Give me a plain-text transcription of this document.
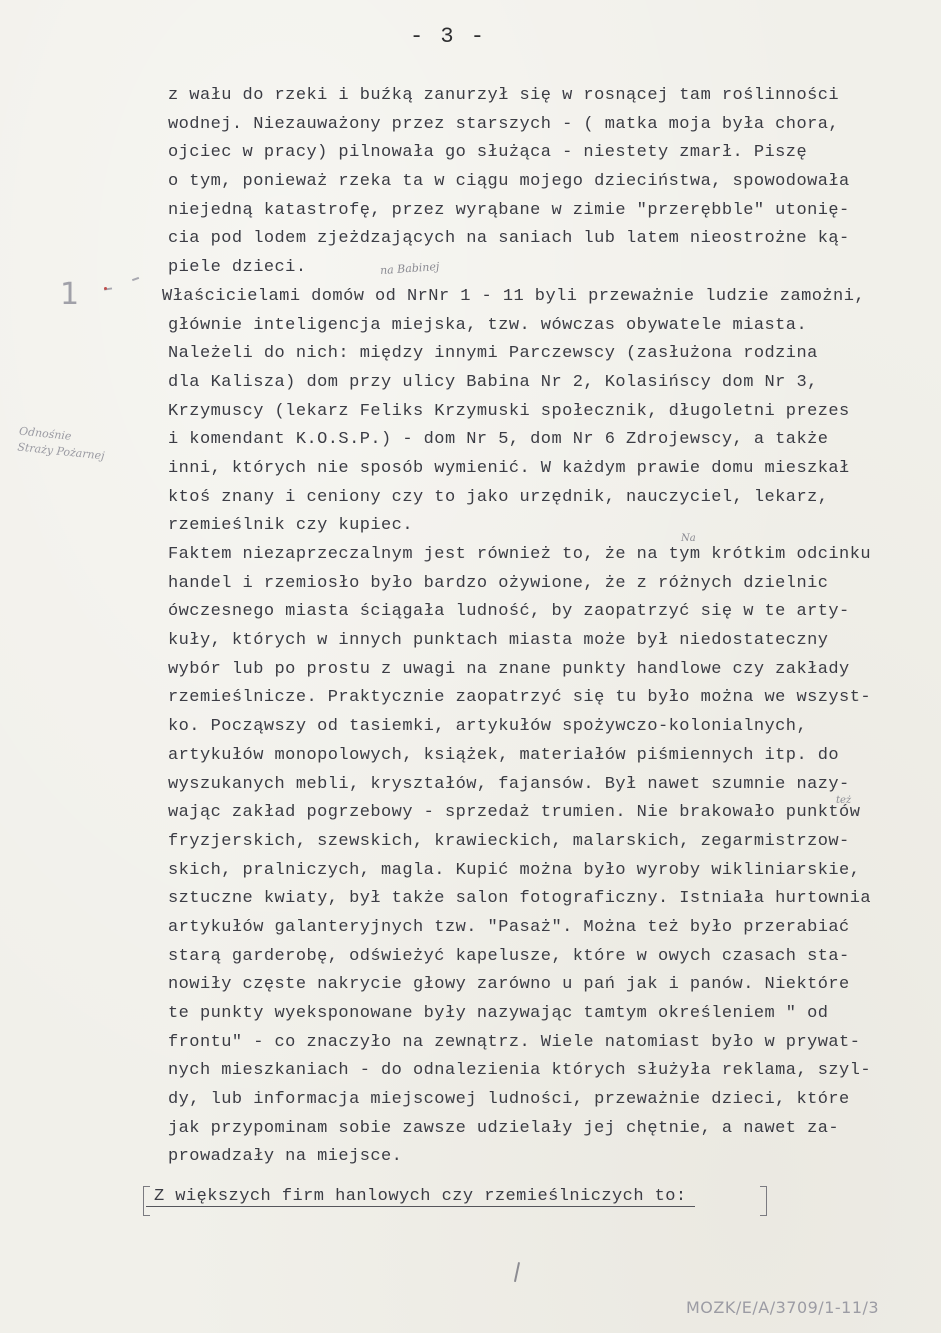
- 3 -
1
na Babinej
Na
też
Odnośnie
Straży Pożarnej
z wału do rzeki i buźką zanurzył się w rosnącej tam roślinności
wodnej. Niezauważony przez starszych - ( matka moja była chora,
ojciec w pracy) pilnowała go służąca - niestety zmarł. Piszę
o tym, ponieważ rzeka ta w ciągu mojego dzieciństwa, spowodowała
niejedną katastrofę, przez wyrąbane w zimie "przerębble" utonię-
cia pod lodem zjeżdzających na saniach lub latem nieostrożne ką-
piele dzieci.
Właścicielami domów od NrNr 1 - 11 byli przeważnie ludzie zamożni,
głównie inteligencja miejska, tzw. wówczas obywatele miasta.
Należeli do nich: między innymi Parczewscy (zasłużona rodzina
dla Kalisza) dom przy ulicy Babina Nr 2, Kolasińscy dom Nr 3,
Krzymuscy (lekarz Feliks Krzymuski społecznik, długoletni prezes
i komendant K.O.S.P.) - dom Nr 5, dom Nr 6 Zdrojewscy, a także
inni, których nie sposób wymienić. W każdym prawie domu mieszkał
ktoś znany i ceniony czy to jako urzędnik, nauczyciel, lekarz,
rzemieślnik czy kupiec.
Faktem niezaprzeczalnym jest również to, że na tym krótkim odcinku
handel i rzemiosło było bardzo ożywione, że z różnych dzielnic
ówczesnego miasta ściągała ludność, by zaopatrzyć się w te arty-
kuły, których w innych punktach miasta może był niedostateczny
wybór lub po prostu z uwagi na znane punkty handlowe czy zakłady
rzemieślnicze. Praktycznie zaopatrzyć się tu było można we wszyst-
ko. Począwszy od tasiemki, artykułów spożywczo-kolonialnych,
artykułów monopolowych, książek, materiałów piśmiennych itp. do
wyszukanych mebli, kryształów, fajansów. Był nawet szumnie nazy-
wając zakład pogrzebowy - sprzedaż trumien. Nie brakowało punktów
fryzjerskich, szewskich, krawieckich, malarskich, zegarmistrzow-
skich, pralniczych, magla. Kupić można było wyroby wikliniarskie,
sztuczne kwiaty, był także salon fotograficzny. Istniała hurtownia
artykułów galanteryjnych tzw. "Pasaż". Można też było przerabiać
starą garderobę, odświeżyć kapelusze, które w owych czasach sta-
nowiły częste nakrycie głowy zarówno u pań jak i panów. Niektóre
te punkty wyeksponowane były nazywając tamtym określeniem " od
frontu" - co znaczyło na zewnątrz. Wiele natomiast było w prywat-
nych mieszkaniach - do odnalezienia których służyła reklama, szyl-
dy, lub informacja miejscowej ludności, przeważnie dzieci, które
jak przypominam sobie zawsze udzielały jej chętnie, a nawet za-
prowadzały na miejsce.
Z większych firm hanlowych czy rzemieślniczych to:
MOZK/E/A/3709/1-11/3
